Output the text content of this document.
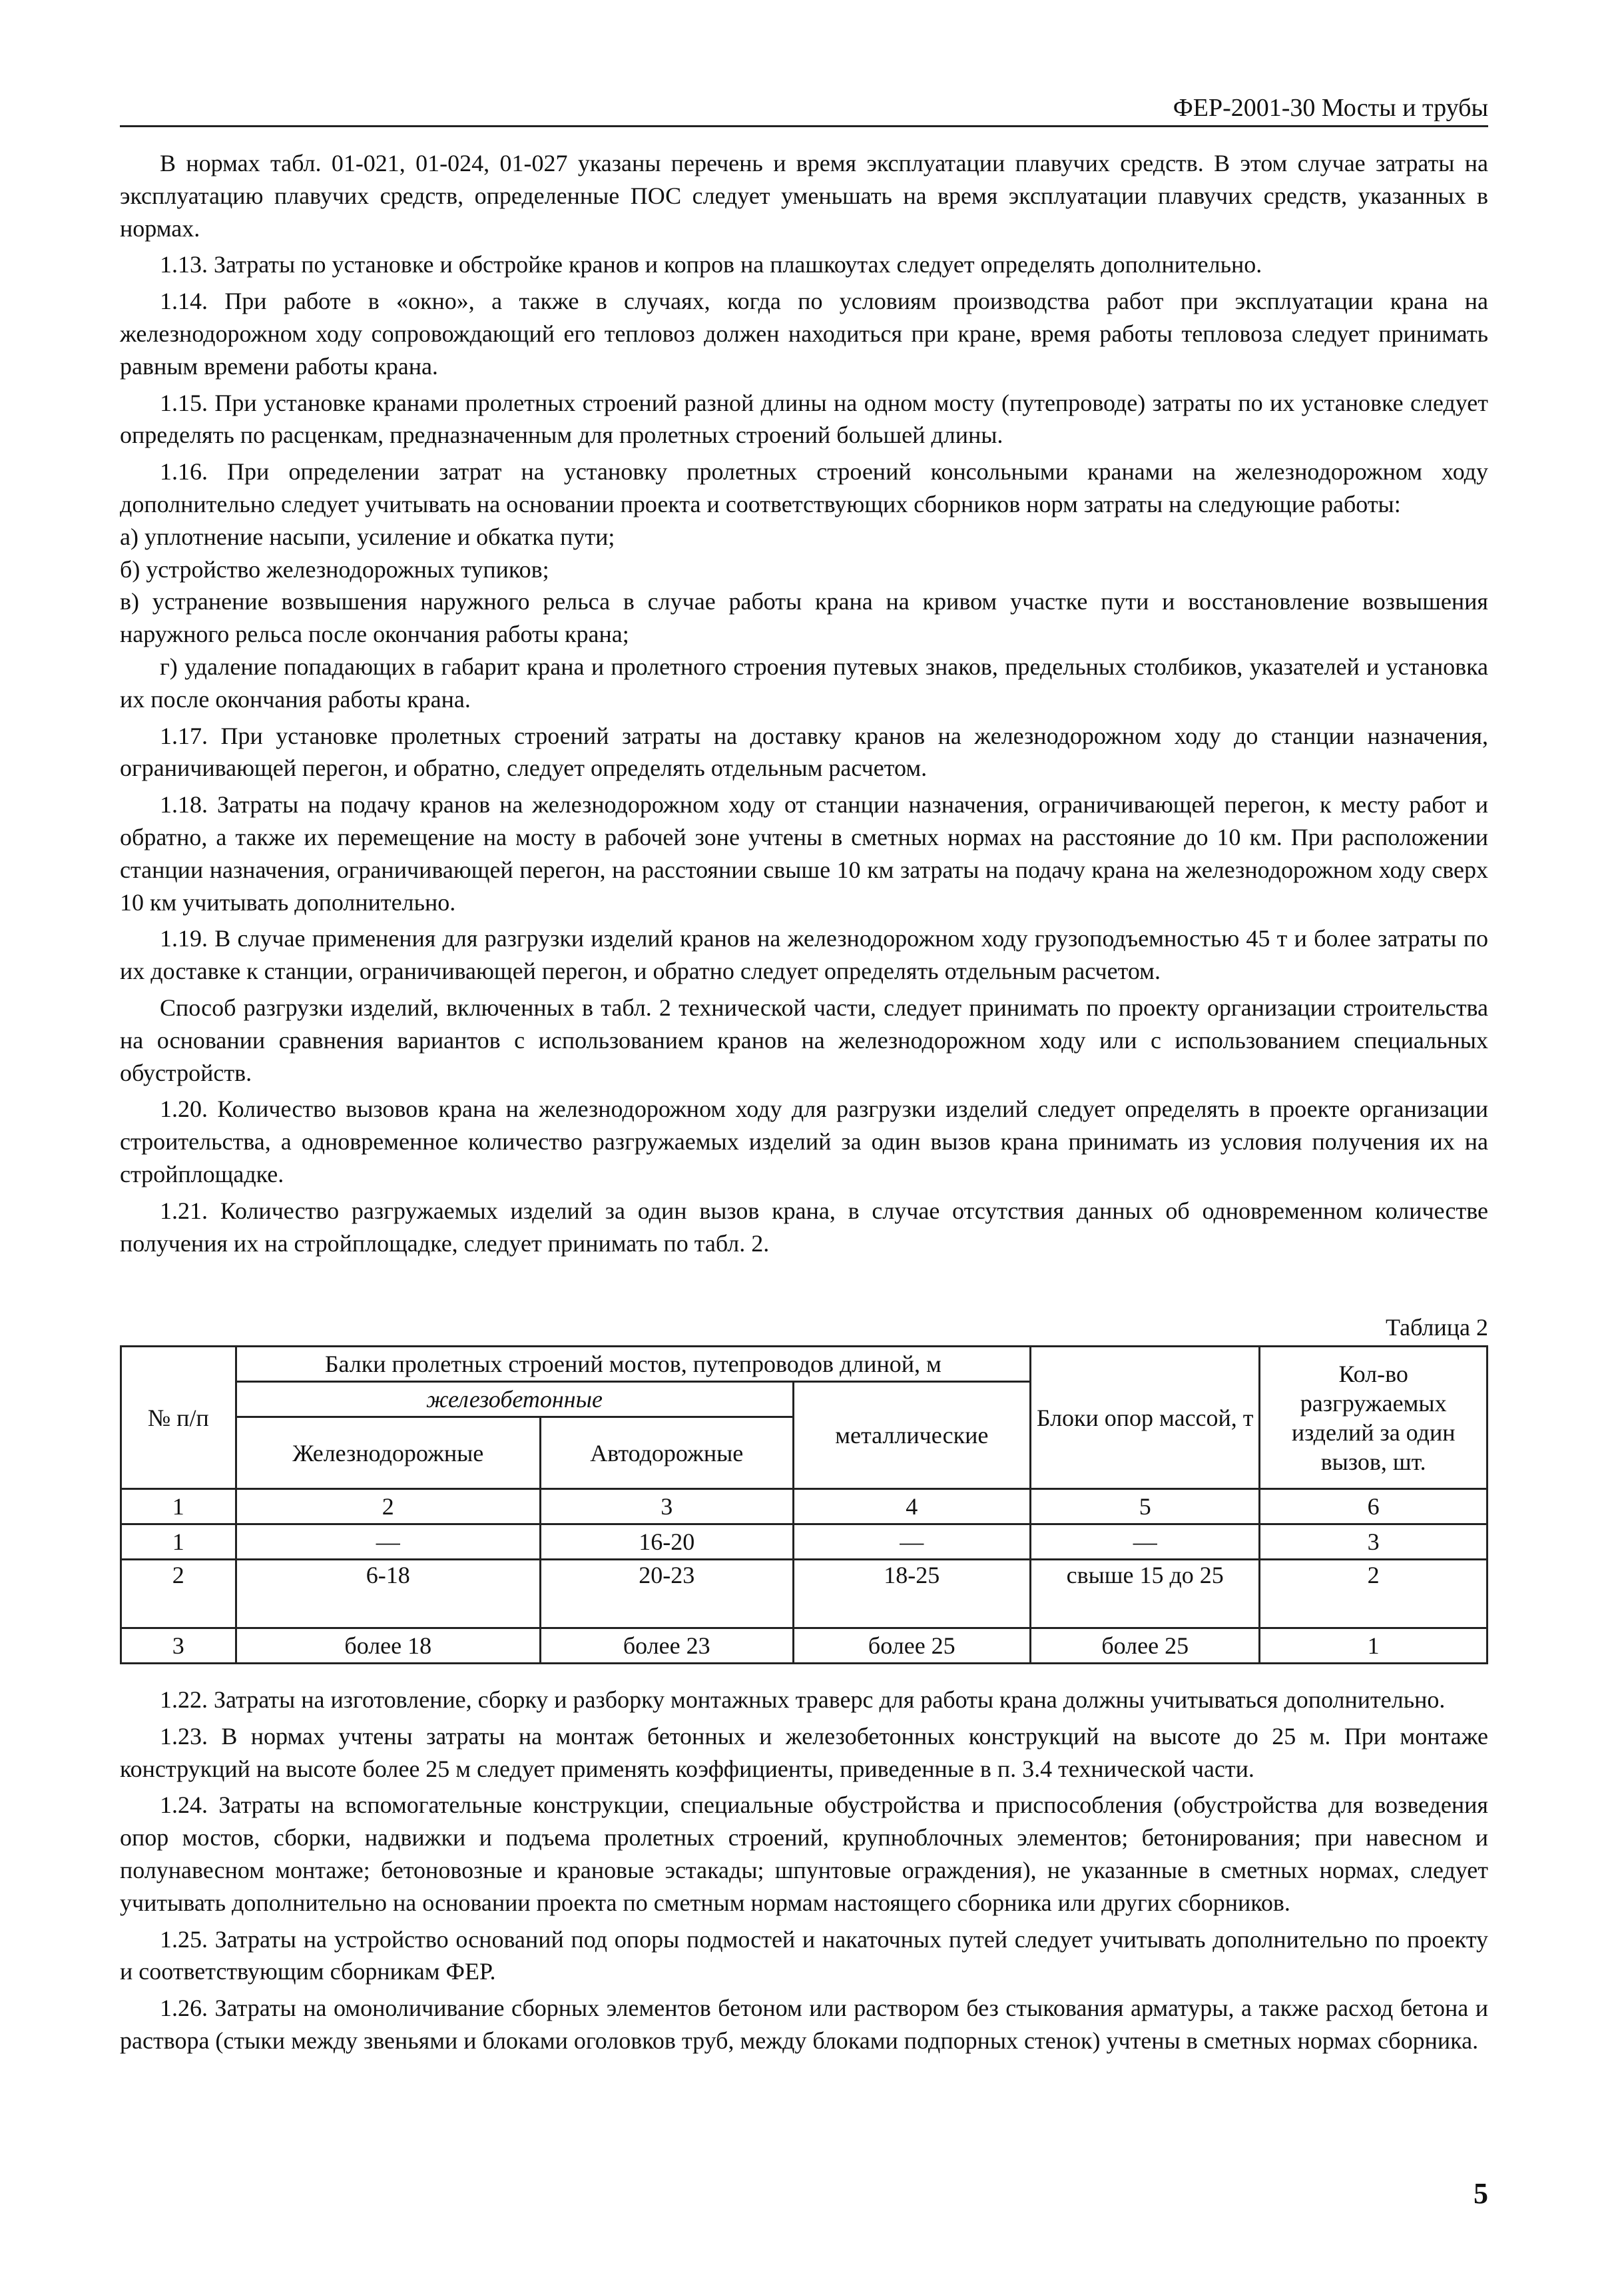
ФЕР-2001-30 Мосты и трубы

В нормах табл. 01-021, 01-024, 01-027 указаны перечень и время эксплуатации плавучих средств. В этом случае затраты на эксплуатацию плавучих средств, определенные ПОС следует уменьшать на время эксплуатации плавучих средств, указанных в нормах.

1.13. Затраты по установке и обстройке кранов и копров на плашкоутах следует определять дополнительно.

1.14. При работе в «окно», а также в случаях, когда по условиям производства работ при эксплуатации крана на железнодорожном ходу сопровождающий его тепловоз должен находиться при кране, время работы тепловоза следует принимать равным времени работы крана.

1.15. При установке кранами пролетных строений разной длины на одном мосту (путепроводе) затраты по их установке следует определять по расценкам, предназначенным для пролетных строений большей длины.

1.16. При определении затрат на установку пролетных строений консольными кранами на железнодорожном ходу дополнительно следует учитывать на основании проекта и соответствующих сборников норм затраты на следующие работы:

а) уплотнение насыпи, усиление и обкатка пути;

б) устройство железнодорожных тупиков;

в) устранение возвышения наружного рельса в случае работы крана на кривом участке пути и восстановление возвышения наружного рельса после окончания работы крана;

г) удаление попадающих в габарит крана и пролетного строения путевых знаков, предельных столбиков, указателей и установка их после окончания работы крана.

1.17. При установке пролетных строений затраты на доставку кранов на железнодорожном ходу до станции назначения, ограничивающей перегон, и обратно, следует определять отдельным расчетом.

1.18. Затраты на подачу кранов на железнодорожном ходу от станции назначения, ограничивающей перегон, к месту работ и обратно, а также их перемещение на мосту в рабочей зоне учтены в сметных нормах на расстояние до 10 км. При расположении станции назначения, ограничивающей перегон, на расстоянии свыше 10 км затраты на подачу крана на железнодорожном ходу сверх 10 км учитывать дополнительно.

1.19. В случае применения для разгрузки изделий кранов на железнодорожном ходу грузоподъемностью 45 т и более затраты по их доставке к станции, ограничивающей перегон, и обратно следует определять отдельным расчетом.

Способ разгрузки изделий, включенных в табл. 2 технической части, следует принимать по проекту организации строительства на основании сравнения вариантов с использованием кранов на железнодорожном ходу или с использованием специальных обустройств.

1.20. Количество вызовов крана на железнодорожном ходу для разгрузки изделий следует определять в проекте организации строительства, а одновременное количество разгружаемых изделий за один вызов крана принимать из условия получения их на стройплощадке.

1.21. Количество разгружаемых изделий за один вызов крана, в случае отсутствия данных об одновременном количестве получения их на стройплощадке, следует принимать по табл. 2.

Таблица 2
№ п/п	Балки пролетных строений мостов, путепроводов длиной, м			Блоки опор массой, т	Кол-во разгружаемых изделий за один вызов, шт.
	железобетонные		металлические		
	Железнодорожные	Автодорожные			
1	2	3	4	5	6
1	—	16-20	—	—	3
2	6-18	20-23	18-25	свыше 15 до 25	2
3	более 18	более 23	более 25	более 25	1

1.22. Затраты на изготовление, сборку и разборку монтажных траверс для работы крана должны учитываться дополнительно.

1.23. В нормах учтены затраты на монтаж бетонных и железобетонных конструкций на высоте до 25 м. При монтаже конструкций на высоте более 25 м следует применять коэффициенты, приведенные в п. 3.4 технической части.

1.24. Затраты на вспомогательные конструкции, специальные обустройства и приспособления (обустройства для возведения опор мостов, сборки, надвижки и подъема пролетных строений, крупноблочных элементов; бетонирования; при навесном и полунавесном монтаже; бетоновозные и крановые эстакады; шпунтовые ограждения), не указанные в сметных нормах, следует учитывать дополнительно на основании проекта по сметным нормам настоящего сборника или других сборников.

1.25. Затраты на устройство оснований под опоры подмостей и накаточных путей следует учитывать дополнительно по проекту и соответствующим сборникам ФЕР.

1.26. Затраты на омоноличивание сборных элементов бетоном или раствором без стыкования арматуры, а также расход бетона и раствора (стыки между звеньями и блоками оголовков труб, между блоками подпорных стенок) учтены в сметных нормах сборника.

5
